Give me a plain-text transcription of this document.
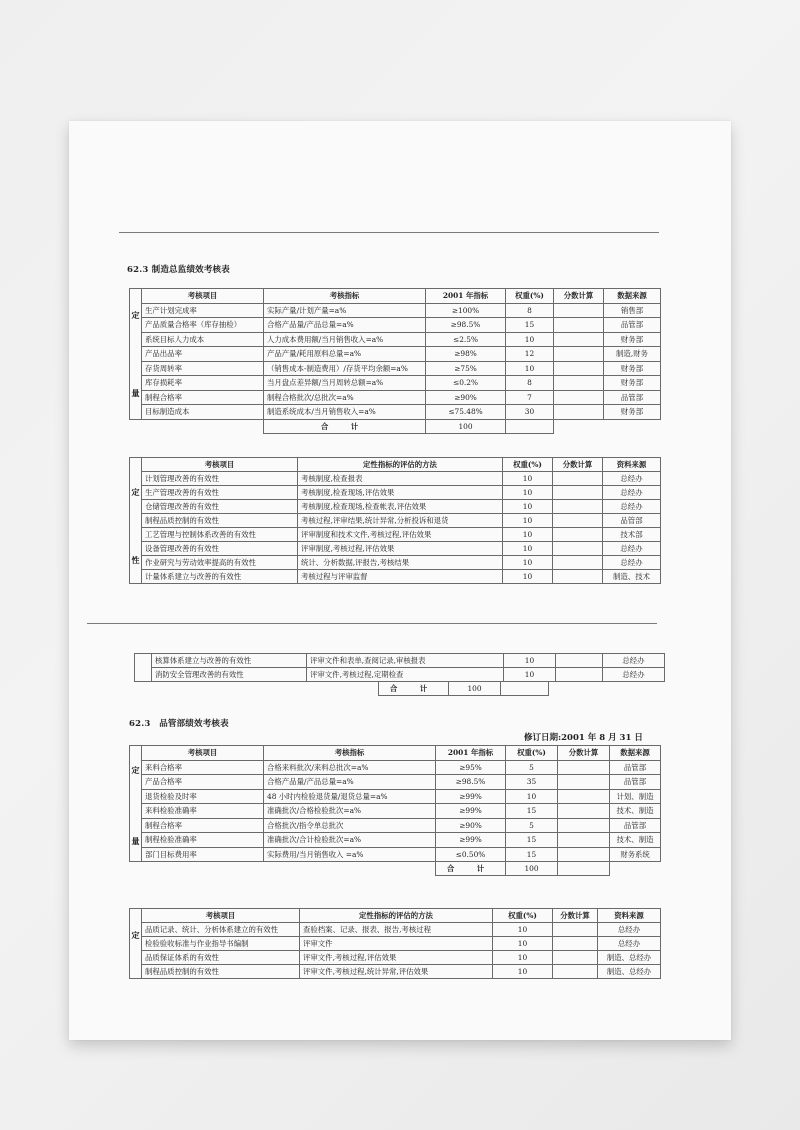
62.3 制造总监绩效考核表
定
量	考核项目	考核指标	2001 年指标	权重(%)	分数计算	数据来源
	生产计划完成率	实际产量/计划产量=a%	≥100%	8		销售部
	产品质量合格率（库存抽检）	合格产品量/产品总量=a%	≥98.5%	15		品管部
	系统目标人力成本	人力成本费用额/当月销售收入=a%	≤2.5%	10		财务部
	产品出品率	产品产量/耗用原料总量=a%	≥98%	12		制造,财务
	存货周转率	（销售成本-制造费用）/存货平均余额=a%	≥75%	10		财务部
	库存损耗率	当月盘点差异额/当月周转总额=a%	≤0.2%	8		财务部
	制程合格率	制程合格批次/总批次=a%	≥90%	7		品管部
	目标制造成本	制造系统成本/当月销售收入=a%	≤75.48%	30		财务部
		合 计	100			
定
性	考核项目	定性指标的评估的方法	权重(%)	分数计算	资料来源
	计划管理改善的有效性	考核制度,检查报表	10		总经办
	生产管理改善的有效性	考核制度,检查现场,评估效果	10		总经办
	仓储管理改善的有效性	考核制度,检查现场,检查帐表,评估效果	10		总经办
	制程品质控制的有效性	考核过程,评审结果,统计异常,分析投诉和退货	10		品管部
	工艺管理与控制体系改善的有效性	评审制度和技术文件,考核过程,评估效果	10		技术部
	设备管理改善的有效性	评审制度,考核过程,评估效果	10		总经办
	作业研究与劳动效率提高的有效性	统计、分析数据,评报告,考核结果	10		总经办
	计量体系建立与改善的有效性	考核过程与评审监督	10		制造、技术
	核算体系建立与改善的有效性	评审文件和表单,查阅记录,审核报表	10		总经办
	消防安全管理改善的有效性	评审文件,考核过程,定期检查	10		总经办
合 计	100	
62.3　品管部绩效考核表
修订日期:2001 年 8 月 31 日
定
量	考核项目	考核指标	2001 年指标	权重(%)	分数计算	数据来源
	来料合格率	合格来料批次/来料总批次=a%	≥95%	5		品管部
	产品合格率	合格产品量/产品总量=a%	≥98.5%	35		品管部
	退货检验及时率	48 小时内检验退货量/退货总量=a%	≥99%	10		计划、制造
	来料检验准确率	准确批次/合格检验批次=a%	≥99%	15		技术、制造
	制程合格率	合格批次/指令单总批次	≥90%	5		品管部
	制程检验准确率	准确批次/合计检验批次=a%	≥99%	15		技术、制造
	部门目标费用率	实际费用/当月销售收入 =a%	≤0.50%	15		财务系统
			合 计	100		
定	考核项目	定性指标的评估的方法	权重(%)	分数计算	资料来源
	品质记录、统计、分析体系建立的有效性	查验档案、记录、报表、报告,考核过程	10		总经办
	检验验收标准与作业指导书编制	评审文件	10		总经办
	品质保证体系的有效性	评审文件,考核过程,评估效果	10		制造、总经办
	制程品质控制的有效性	评审文件,考核过程,统计异常,评估效果	10		制造、总经办
